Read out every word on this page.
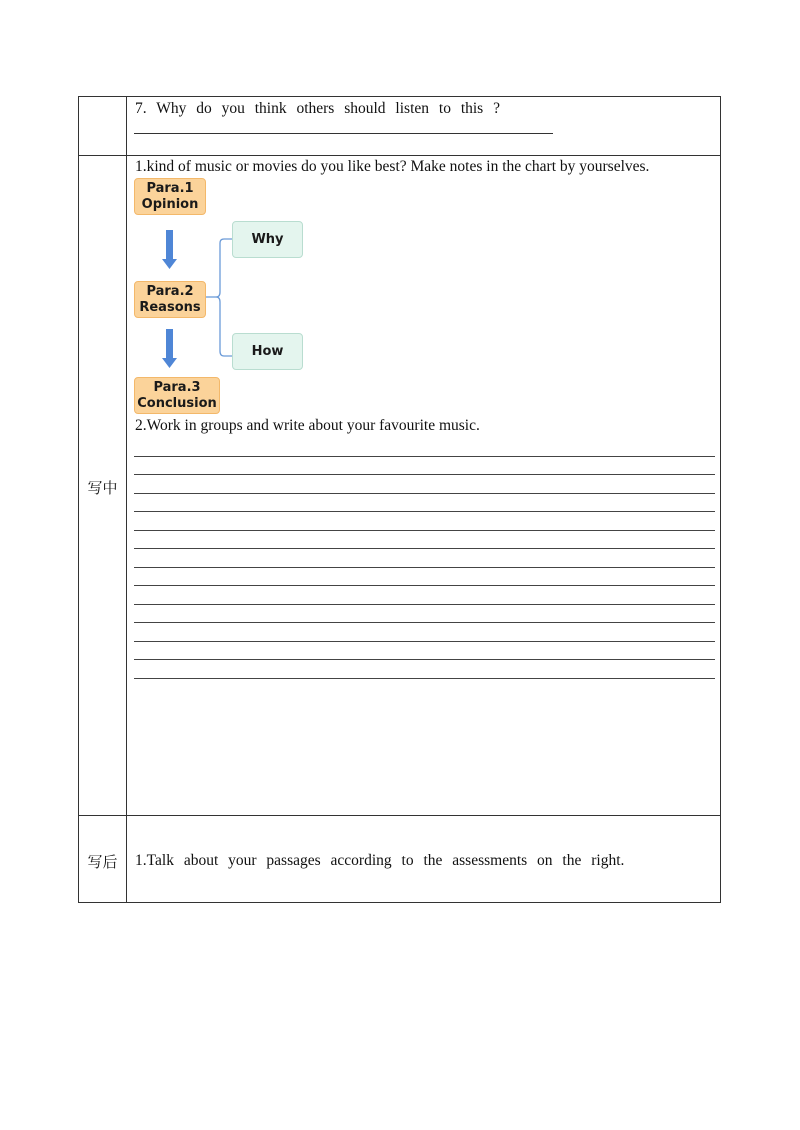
7. Why do you think others should listen to this ?
写中
1.kind of music or movies do you like best? Make notes in the chart by yourselves.
Para.1
Opinion
Para.2
Reasons
Para.3
Conclusion
Why
How
2.Work in groups and write about your favourite music.
写后	1.Talk about your passages according to the assessments on the right.
